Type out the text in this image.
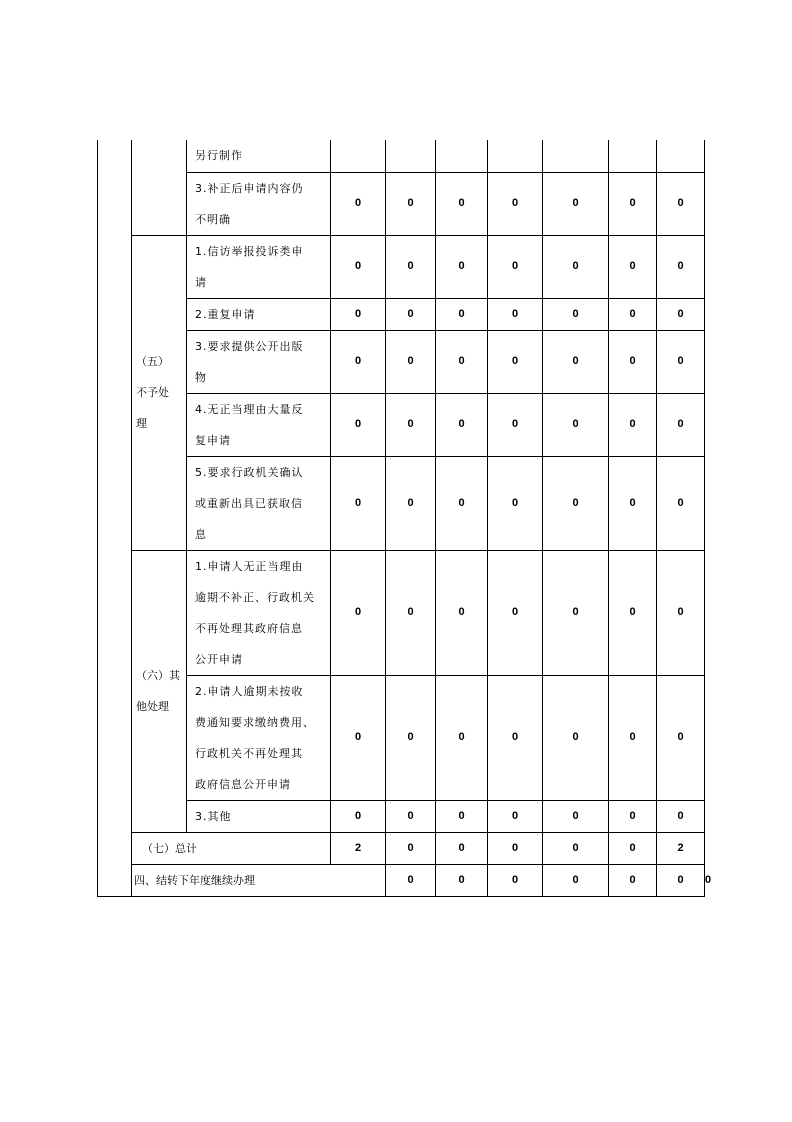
		另行制作								

		3.补正后申请内容仍
不明确	0	0	0	0	0	0	0	

	（五）
不予处
理	1.信访举报投诉类申
请	0	0	0	0	0	0	0	

		2.重复申请	0	0	0	0	0	0	0	

		3.要求提供公开出版
物	0	0	0	0	0	0	0	

		4.无正当理由大量反
复申请	0	0	0	0	0	0	0	

		5.要求行政机关确认
或重新出具已获取信
息	0	0	0	0	0	0	0	

	（六）其
他处理	1.申请人无正当理由
逾期不补正、行政机关
不再处理其政府信息
公开申请	0	0	0	0	0	0	0	

		2.申请人逾期未按收
费通知要求缴纳费用、
行政机关不再处理其
政府信息公开申请	0	0	0	0	0	0	0	

		3.其他	0	0	0	0	0	0	0	
	（七）总计		2	0	0	0	0	0	2	
	四、结转下年度继续办理			0	0	0	0	0	0	0
